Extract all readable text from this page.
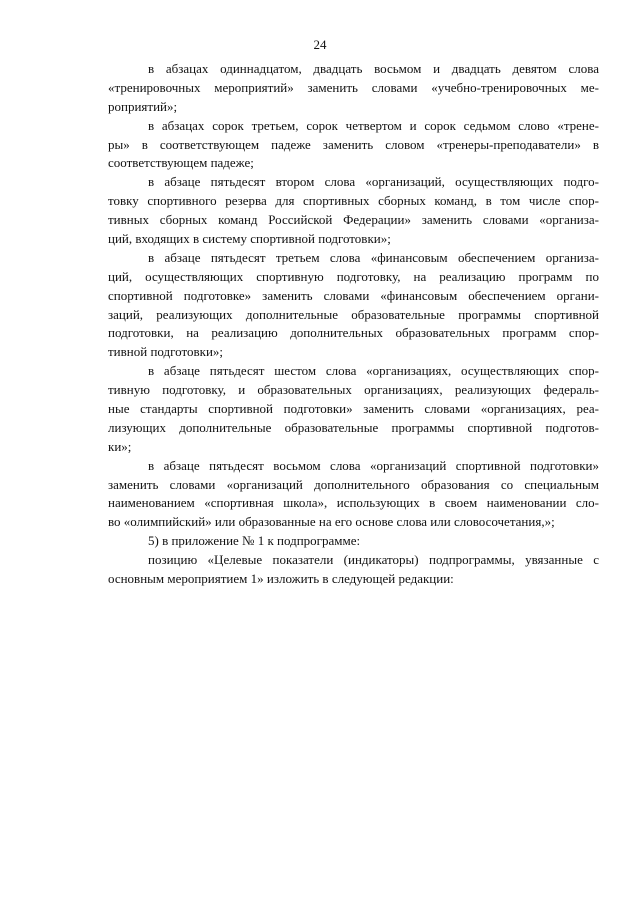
24
в абзацах одиннадцатом, двадцать восьмом и двадцать девятом слова
«тренировочных мероприятий» заменить словами «учебно-тренировочных ме-
роприятий»;
в абзацах сорок третьем, сорок четвертом и сорок седьмом слово «трене-
ры» в соответствующем падеже заменить словом «тренеры-преподаватели» в
соответствующем падеже;
в абзаце пятьдесят втором слова «организаций, осуществляющих подго-
товку спортивного резерва для спортивных сборных команд, в том числе спор-
тивных сборных команд Российской Федерации» заменить словами «организа-
ций, входящих в систему спортивной подготовки»;
в абзаце пятьдесят третьем слова «финансовым обеспечением организа-
ций, осуществляющих спортивную подготовку, на реализацию программ по
спортивной подготовке» заменить словами «финансовым обеспечением органи-
заций, реализующих дополнительные образовательные программы спортивной
подготовки, на реализацию дополнительных образовательных программ спор-
тивной подготовки»;
в абзаце пятьдесят шестом слова «организациях, осуществляющих спор-
тивную подготовку, и образовательных организациях, реализующих федераль-
ные стандарты спортивной подготовки» заменить словами «организациях, реа-
лизующих дополнительные образовательные программы спортивной подготов-
ки»;
в абзаце пятьдесят восьмом слова «организаций спортивной подготовки»
заменить словами «организаций дополнительного образования со специальным
наименованием «спортивная школа», использующих в своем наименовании сло-
во «олимпийский» или образованные на его основе слова или словосочетания,»;
5) в приложение № 1 к подпрограмме:
позицию «Целевые показатели (индикаторы) подпрограммы, увязанные с
основным мероприятием 1» изложить в следующей редакции:
